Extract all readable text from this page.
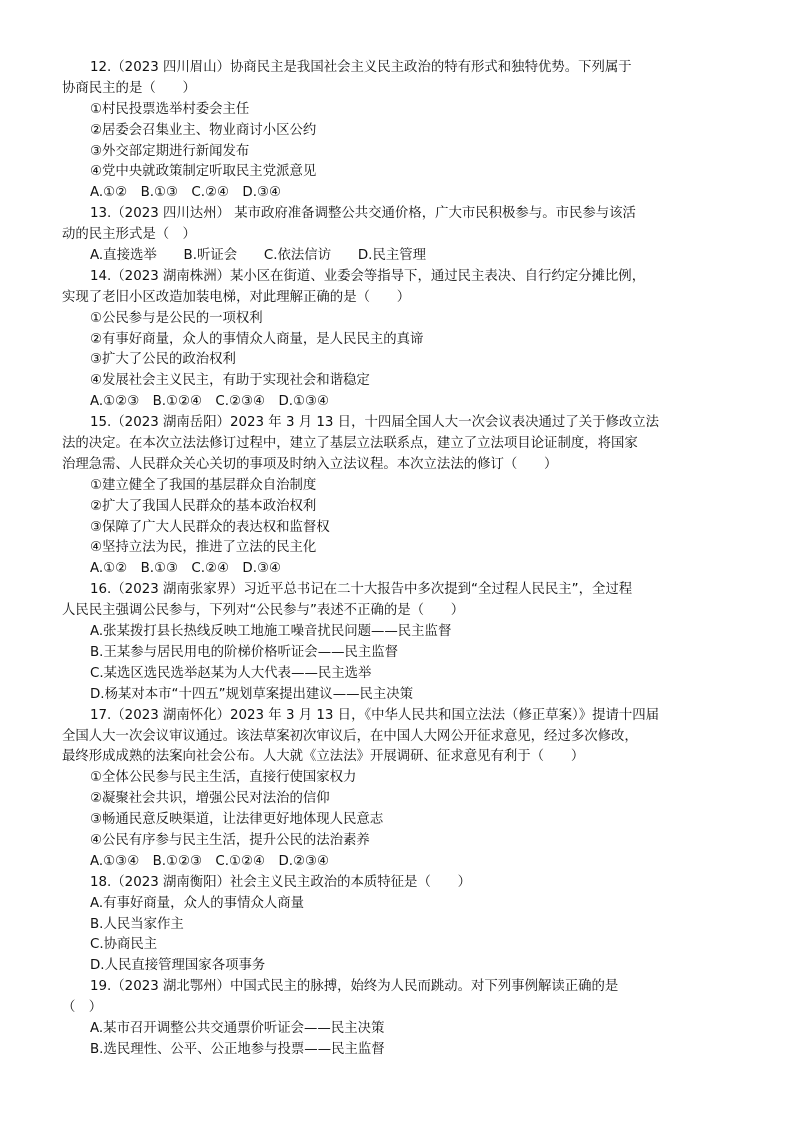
12.（2023 四川眉山）协商民主是我国社会主义民主政治的特有形式和独特优势。下列属于
协商民主的是（　　）
①村民投票选举村委会主任
②居委会召集业主、物业商讨小区公约
③外交部定期进行新闻发布
④党中央就政策制定听取民主党派意见
A.①②　B.①③　C.②④　D.③④
13.（2023 四川达州） 某市政府准备调整公共交通价格，广大市民积极参与。市民参与该活
动的民主形式是（　）
A.直接选举　　B.听证会　　C.依法信访　　D.民主管理
14.（2023 湖南株洲）某小区在街道、业委会等指导下，通过民主表决、自行约定分摊比例，
实现了老旧小区改造加装电梯，对此理解正确的是（　　）
①公民参与是公民的一项权利
②有事好商量，众人的事情众人商量，是人民民主的真谛
③扩大了公民的政治权利
④发展社会主义民主，有助于实现社会和谐稳定
A.①②③　B.①②④　C.②③④　D.①③④
15.（2023 湖南岳阳）2023 年 3 月 13 日，十四届全国人大一次会议表决通过了关于修改立法
法的决定。在本次立法法修订过程中，建立了基层立法联系点，建立了立法项目论证制度，将国家
治理急需、人民群众关心关切的事项及时纳入立法议程。本次立法法的修订（　　）
①建立健全了我国的基层群众自治制度
②扩大了我国人民群众的基本政治权利
③保障了广大人民群众的表达权和监督权
④坚持立法为民，推进了立法的民主化
A.①②　B.①③　C.②④　D.③④
16.（2023 湖南张家界）习近平总书记在二十大报告中多次提到“全过程人民民主”，全过程
人民民主强调公民参与，下列对“公民参与”表述不正确的是（　　）
A.张某拨打县长热线反映工地施工噪音扰民问题——民主监督
B.王某参与居民用电的阶梯价格听证会——民主监督
C.某选区选民选举赵某为人大代表——民主选举
D.杨某对本市“十四五”规划草案提出建议——民主决策
17.（2023 湖南怀化）2023 年 3 月 13 日，《中华人民共和国立法法（修正草案）》提请十四届
全国人大一次会议审议通过。该法草案初次审议后，在中国人大网公开征求意见，经过多次修改，
最终形成成熟的法案向社会公布。人大就《立法法》开展调研、征求意见有利于（　　）
①全体公民参与民主生活，直接行使国家权力
②凝聚社会共识，增强公民对法治的信仰
③畅通民意反映渠道，让法律更好地体现人民意志
④公民有序参与民主生活，提升公民的法治素养
A.①③④　B.①②③　C.①②④　D.②③④
18.（2023 湖南衡阳）社会主义民主政治的本质特征是（　　）
A.有事好商量，众人的事情众人商量
B.人民当家作主
C.协商民主
D.人民直接管理国家各项事务
19.（2023 湖北鄂州）中国式民主的脉搏，始终为人民而跳动。对下列事例解读正确的是
（　）
A.某市召开调整公共交通票价听证会——民主决策
B.选民理性、公平、公正地参与投票——民主监督
